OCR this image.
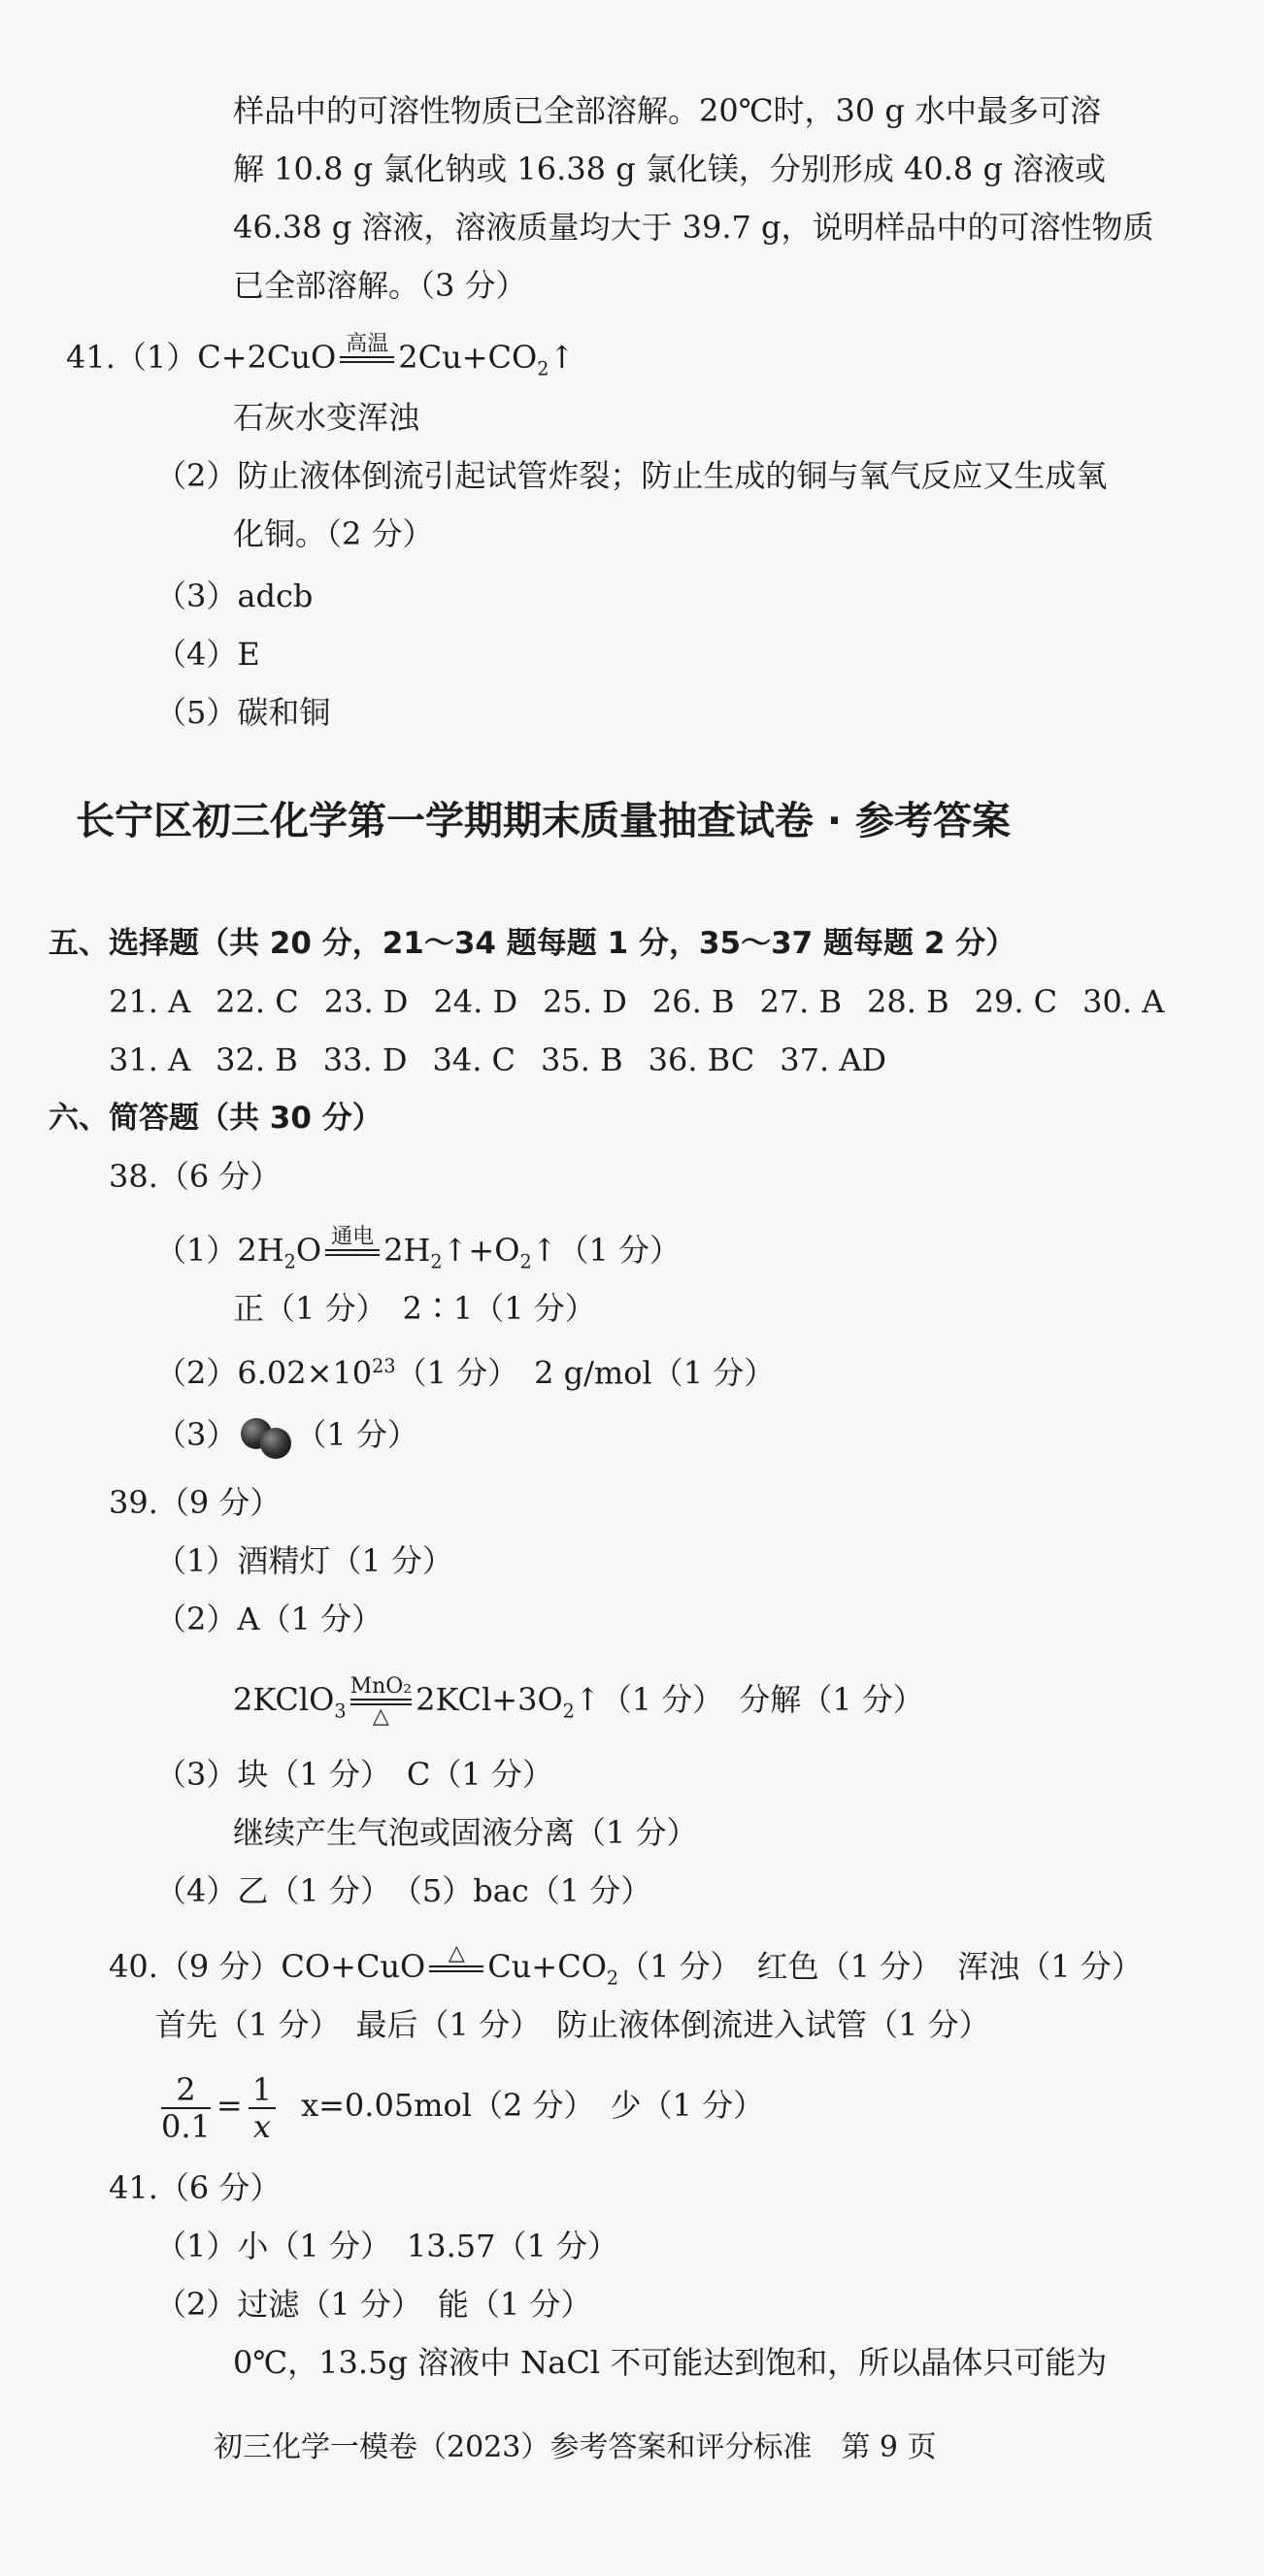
样品中的可溶性物质已全部溶解。20℃时，30 g 水中最多可溶
解 10.8 g 氯化钠或 16.38 g 氯化镁，分别形成 40.8 g 溶液或
46.38 g 溶液，溶液质量均大于 39.7 g，说明样品中的可溶性物质
已全部溶解。（3 分）
41.（1）C+2CuO 高温 $2Cu+CO_2↑$
石灰水变浑浊
（2）防止液体倒流引起试管炸裂；防止生成的铜与氧气反应又生成氧
化铜。（2 分）
（3）adcb
（4）E
（5）碳和铜
长宁区初三化学第一学期期末质量抽查试卷 · 参考答案
五、选择题（共 20 分，21～34 题每题 1 分，35～37 题每题 2 分）
21. A 22. C 23. D 24. D 25. D 26. B 27. B 28. B 29. C 30. A
31. A 32. B 33. D 34. C 35. B 36. BC 37. AD
六、简答题（共 30 分）
38.（6 分）
$(1)2H_2O$ 通电 $2H_2↑+O_2↑(1$ 分）
正（1 分）　2∶1（1 分）
$(2)6.02\times 10^{23}(1$ 分）　2 g/mol（1 分）
（3） （1 分）
39.（9 分）
（1）酒精灯（1 分）
（2）A（1 分）
2KClO$_3$
MnO₂
△ $2KCl+3O_2↑(1$ 分）　分解（1 分）
（3）块（1 分）　C（1 分）
继续产生气泡或固液分离（1 分）
（4）乙（1 分）　（5）bac（1 分）
40.（9 分）CO+CuO	△ $Cu+CO_2(1$ 分）　红色（1 分）　浑浊（1 分）
首先（1 分）　最后（1 分）　防止液体倒流进入试管（1 分）
$\frac{2}{0.1} = \frac{1}{x} x=0.05mol(2$ 分）　少（1 分）
41.（6 分）
（1）小（1 分）　13.57（1 分）
（2）过滤（1 分）　能（1 分）
0℃，13.5g 溶液中 NaCl 不可能达到饱和，所以晶体只可能为
初三化学一模卷（2023）参考答案和评分标准　第 9 页
